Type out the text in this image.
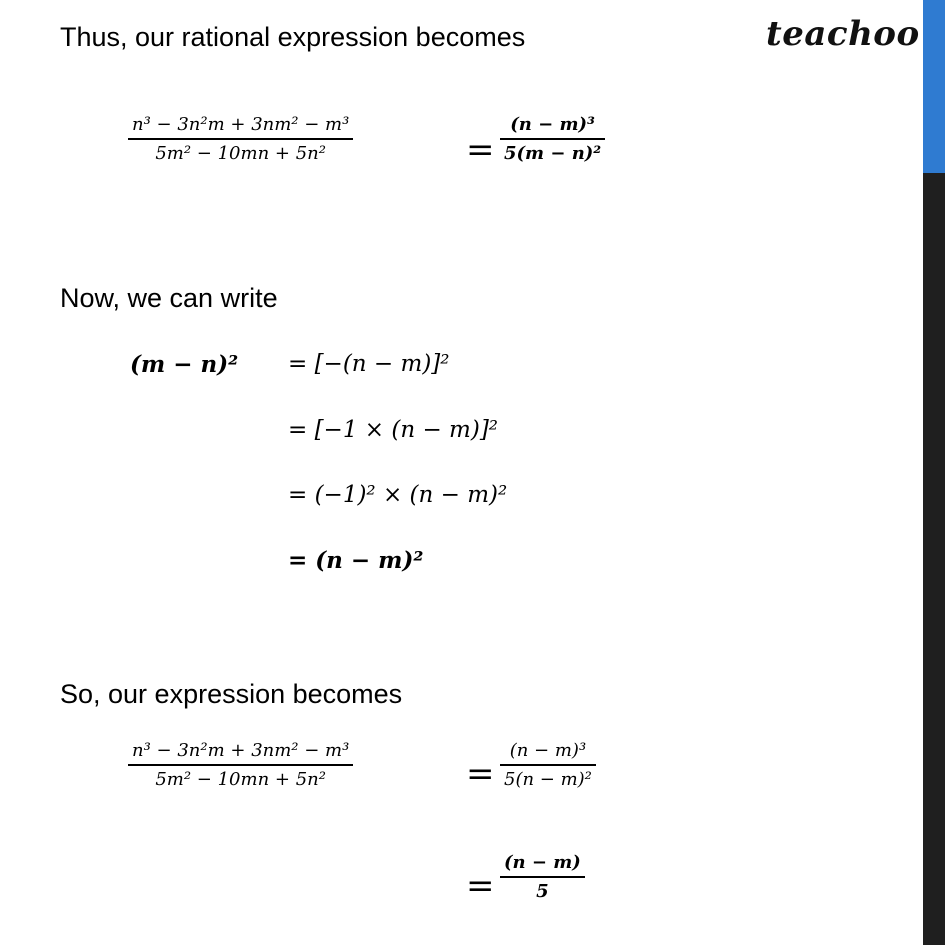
teachoo
Thus, our rational expression becomes
n³ − 3n²m + 3nm² − m³
5m² − 10mn + 5n²	=
(n − m)³
5(m − n)²
Now, we can write
(m − n)² = [−(n − m)]²
= [−1 × (n − m)]²
= (−1)² × (n − m)²
= (n − m)²
So, our expression becomes
n³ − 3n²m + 3nm² − m³
5m² − 10mn + 5n²	=
(n − m)³
5(n − m)²
=
(n − m)
5
